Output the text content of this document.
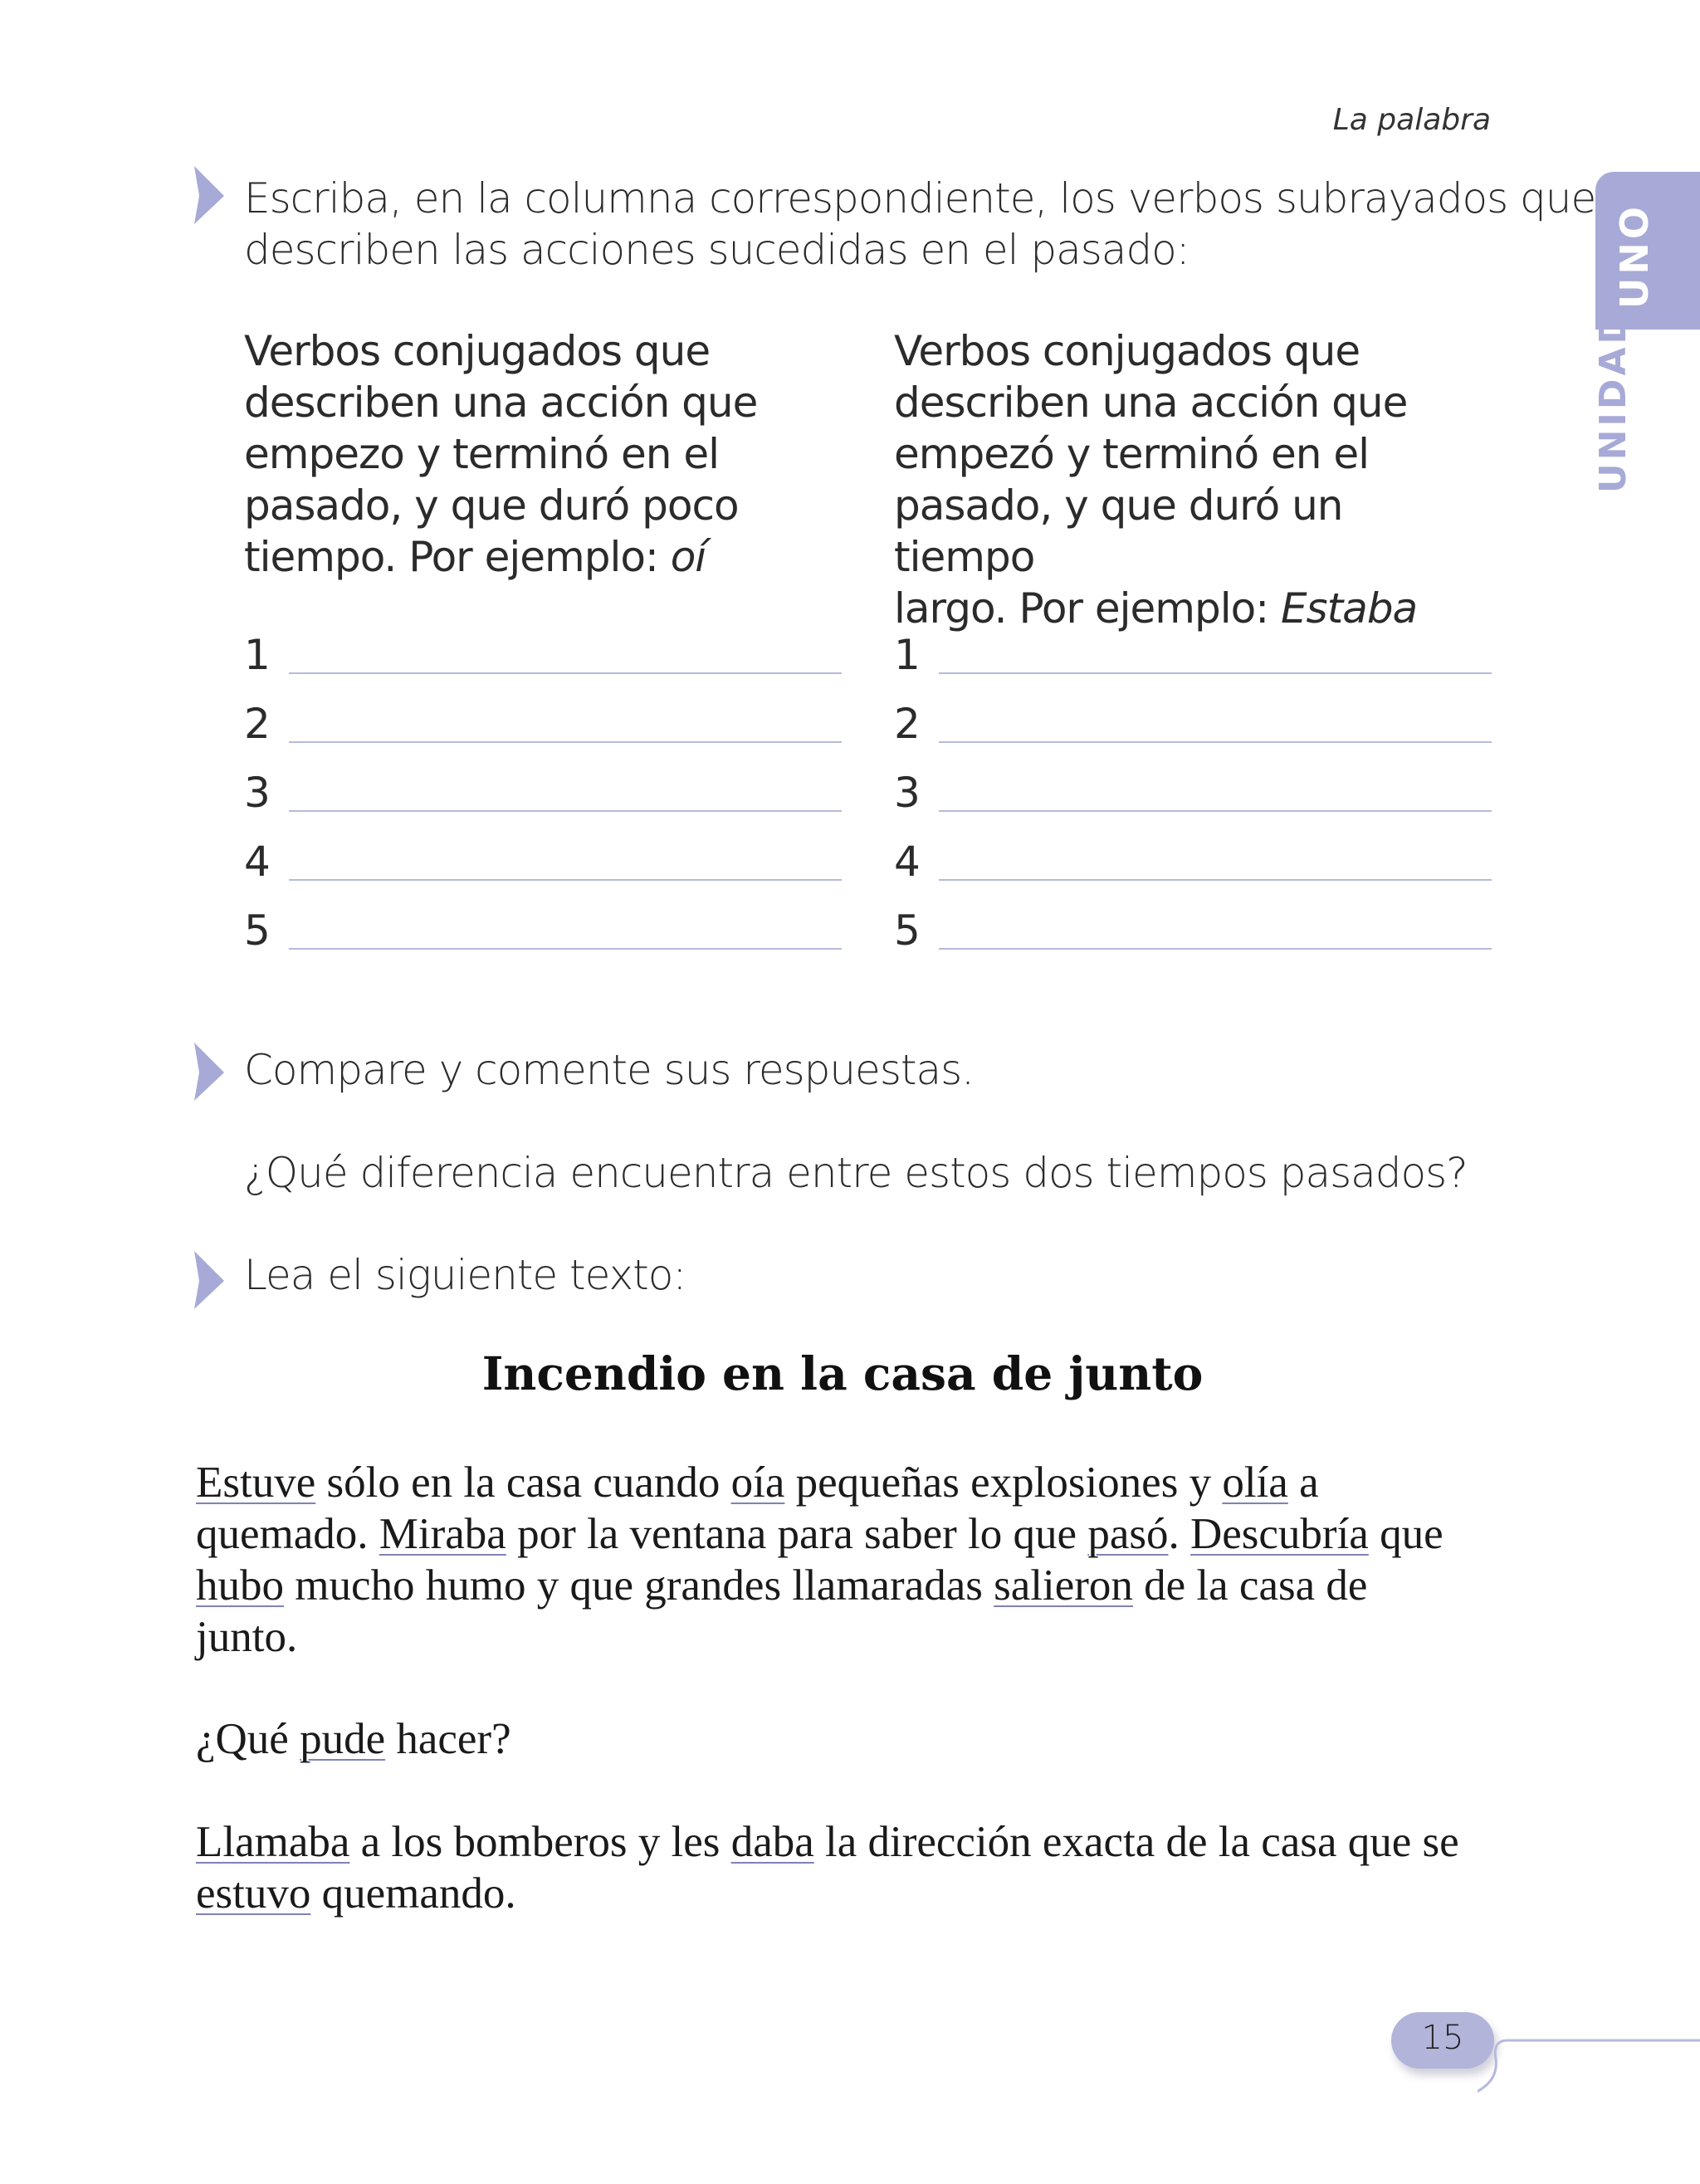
La palabra
UNO
UNIDAD
Escriba, en la columna correspondiente, los verbos subrayados que
describen las acciones sucedidas en el pasado:
Verbos conjugados que
describen una acción que
empezo y terminó en el
pasado, y que duró poco
tiempo. Por ejemplo: oí
Verbos conjugados que
describen una acción que
empezó y terminó en el
pasado, y que duró un tiempo
largo. Por ejemplo: Estaba
1
2
3
4
5
1
2
3
4
5
Compare y comente sus respuestas.
¿Qué diferencia encuentra entre estos dos tiempos pasados?
Lea el siguiente texto:
Incendio en la casa de junto
Estuve sólo en la casa cuando oía pequeñas explosiones y olía a
quemado. Miraba por la ventana para saber lo que pasó. Descubría que
hubo mucho humo y que grandes llamaradas salieron de la casa de
junto.
¿Qué pude hacer?
Llamaba a los bomberos y les daba la dirección exacta de la casa que se
estuvo quemando.
15
